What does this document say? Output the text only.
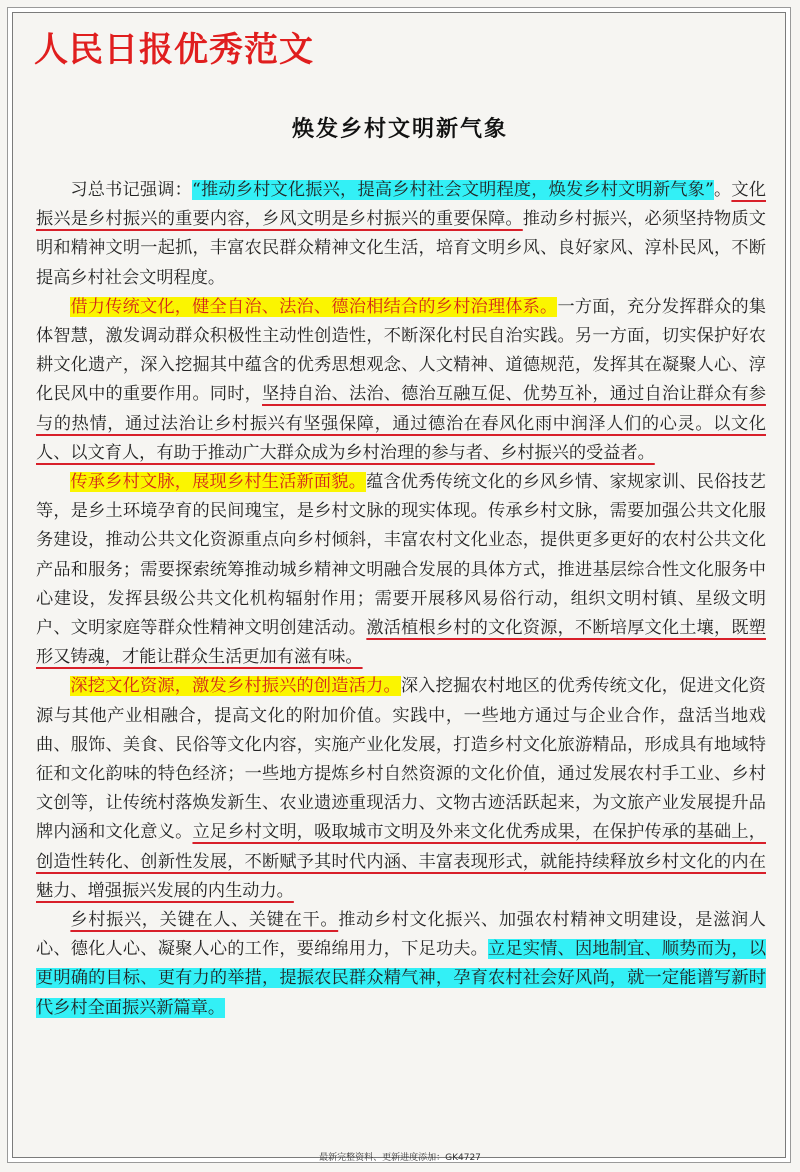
人民日报优秀范文
焕发乡村文明新气象

习总书记强调：“推动乡村文化振兴，提高乡村社会文明程度，焕发乡村文明新气象”。文化振兴是乡村振兴的重要内容，乡风文明是乡村振兴的重要保障。推动乡村振兴，必须坚持物质文明和精神文明一起抓，丰富农民群众精神文化生活，培育文明乡风、良好家风、淳朴民风，不断提高乡村社会文明程度。

借力传统文化，健全自治、法治、德治相结合的乡村治理体系。一方面，充分发挥群众的集体智慧，激发调动群众积极性主动性创造性，不断深化村民自治实践。另一方面，切实保护好农耕文化遗产，深入挖掘其中蕴含的优秀思想观念、人文精神、道德规范，发挥其在凝聚人心、淳化民风中的重要作用。同时，坚持自治、法治、德治互融互促、优势互补，通过自治让群众有参与的热情，通过法治让乡村振兴有坚强保障，通过德治在春风化雨中润泽人们的心灵。以文化人、以文育人，有助于推动广大群众成为乡村治理的参与者、乡村振兴的受益者。

传承乡村文脉，展现乡村生活新面貌。蕴含优秀传统文化的乡风乡情、家规家训、民俗技艺等，是乡土环境孕育的民间瑰宝，是乡村文脉的现实体现。传承乡村文脉，需要加强公共文化服务建设，推动公共文化资源重点向乡村倾斜，丰富农村文化业态，提供更多更好的农村公共文化产品和服务；需要探索统筹推动城乡精神文明融合发展的具体方式，推进基层综合性文化服务中心建设，发挥县级公共文化机构辐射作用；需要开展移风易俗行动，组织文明村镇、星级文明户、文明家庭等群众性精神文明创建活动。激活植根乡村的文化资源，不断培厚文化土壤，既塑形又铸魂，才能让群众生活更加有滋有味。

深挖文化资源，激发乡村振兴的创造活力。深入挖掘农村地区的优秀传统文化，促进文化资源与其他产业相融合，提高文化的附加价值。实践中，一些地方通过与企业合作，盘活当地戏曲、服饰、美食、民俗等文化内容，实施产业化发展，打造乡村文化旅游精品，形成具有地域特征和文化韵味的特色经济；一些地方提炼乡村自然资源的文化价值，通过发展农村手工业、乡村文创等，让传统村落焕发新生、农业遗迹重现活力、文物古迹活跃起来，为文旅产业发展提升品牌内涵和文化意义。立足乡村文明，吸取城市文明及外来文化优秀成果，在保护传承的基础上，创造性转化、创新性发展，不断赋予其时代内涵、丰富表现形式，就能持续释放乡村文化的内在魅力、增强振兴发展的内生动力。

乡村振兴，关键在人、关键在干。推动乡村文化振兴、加强农村精神文明建设，是滋润人心、德化人心、凝聚人心的工作，要绵绵用力，下足功夫。立足实情、因地制宜、顺势而为，以更明确的目标、更有力的举措，提振农民群众精气神，孕育农村社会好风尚，就一定能谱写新时代乡村全面振兴新篇章。

最新完整资料、更新进度添加：GK4727
